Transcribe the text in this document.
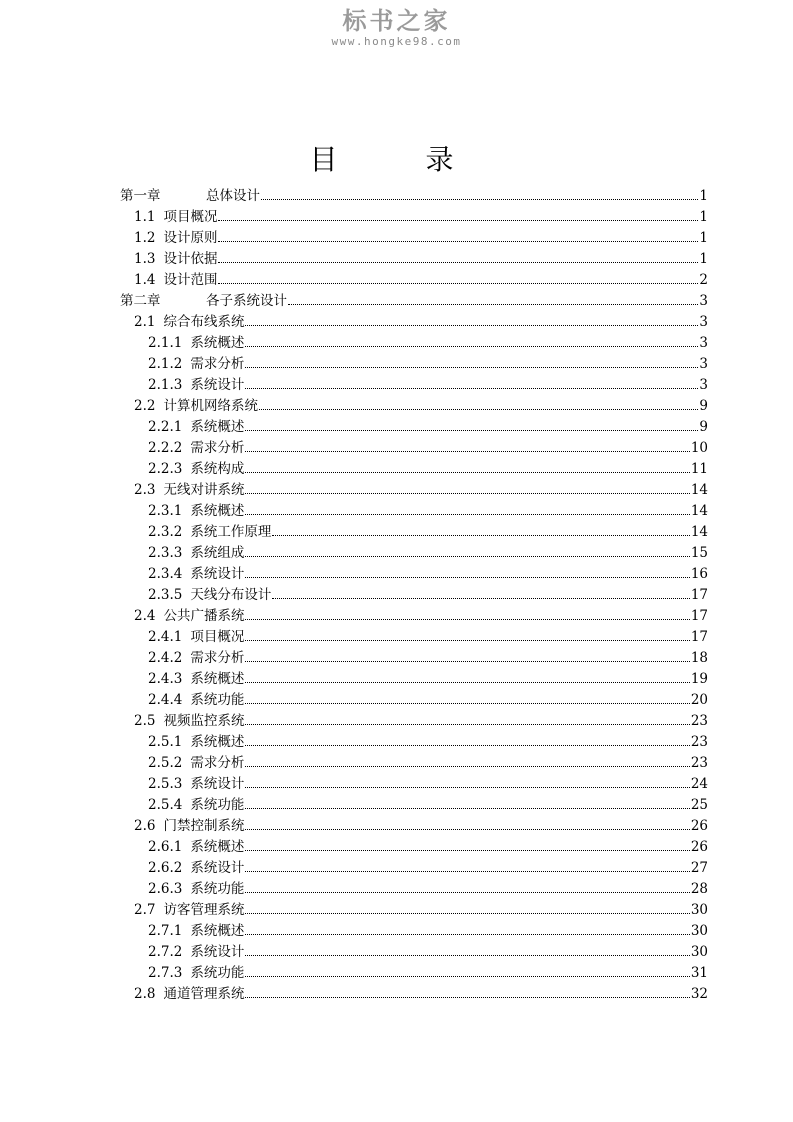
标书之家
www.hongke98.com
目　录
第一章	总体设计	1
1.1 项目概况	1
1.2 设计原则	1
1.3 设计依据	1
1.4 设计范围	2
第二章	各子系统设计	3
2.1 综合布线系统	3
2.1.1 系统概述	3
2.1.2 需求分析	3
2.1.3 系统设计	3
2.2 计算机网络系统	9
2.2.1 系统概述	9
2.2.2 需求分析	10
2.2.3 系统构成	11
2.3 无线对讲系统	14
2.3.1 系统概述	14
2.3.2 系统工作原理	14
2.3.3 系统组成	15
2.3.4 系统设计	16
2.3.5 天线分布设计	17
2.4 公共广播系统	17
2.4.1 项目概况	17
2.4.2 需求分析	18
2.4.3 系统概述	19
2.4.4 系统功能	20
2.5 视频监控系统	23
2.5.1 系统概述	23
2.5.2 需求分析	23
2.5.3 系统设计	24
2.5.4 系统功能	25
2.6 门禁控制系统	26
2.6.1 系统概述	26
2.6.2 系统设计	27
2.6.3 系统功能	28
2.7 访客管理系统	30
2.7.1 系统概述	30
2.7.2 系统设计	30
2.7.3 系统功能	31
2.8 通道管理系统	32
